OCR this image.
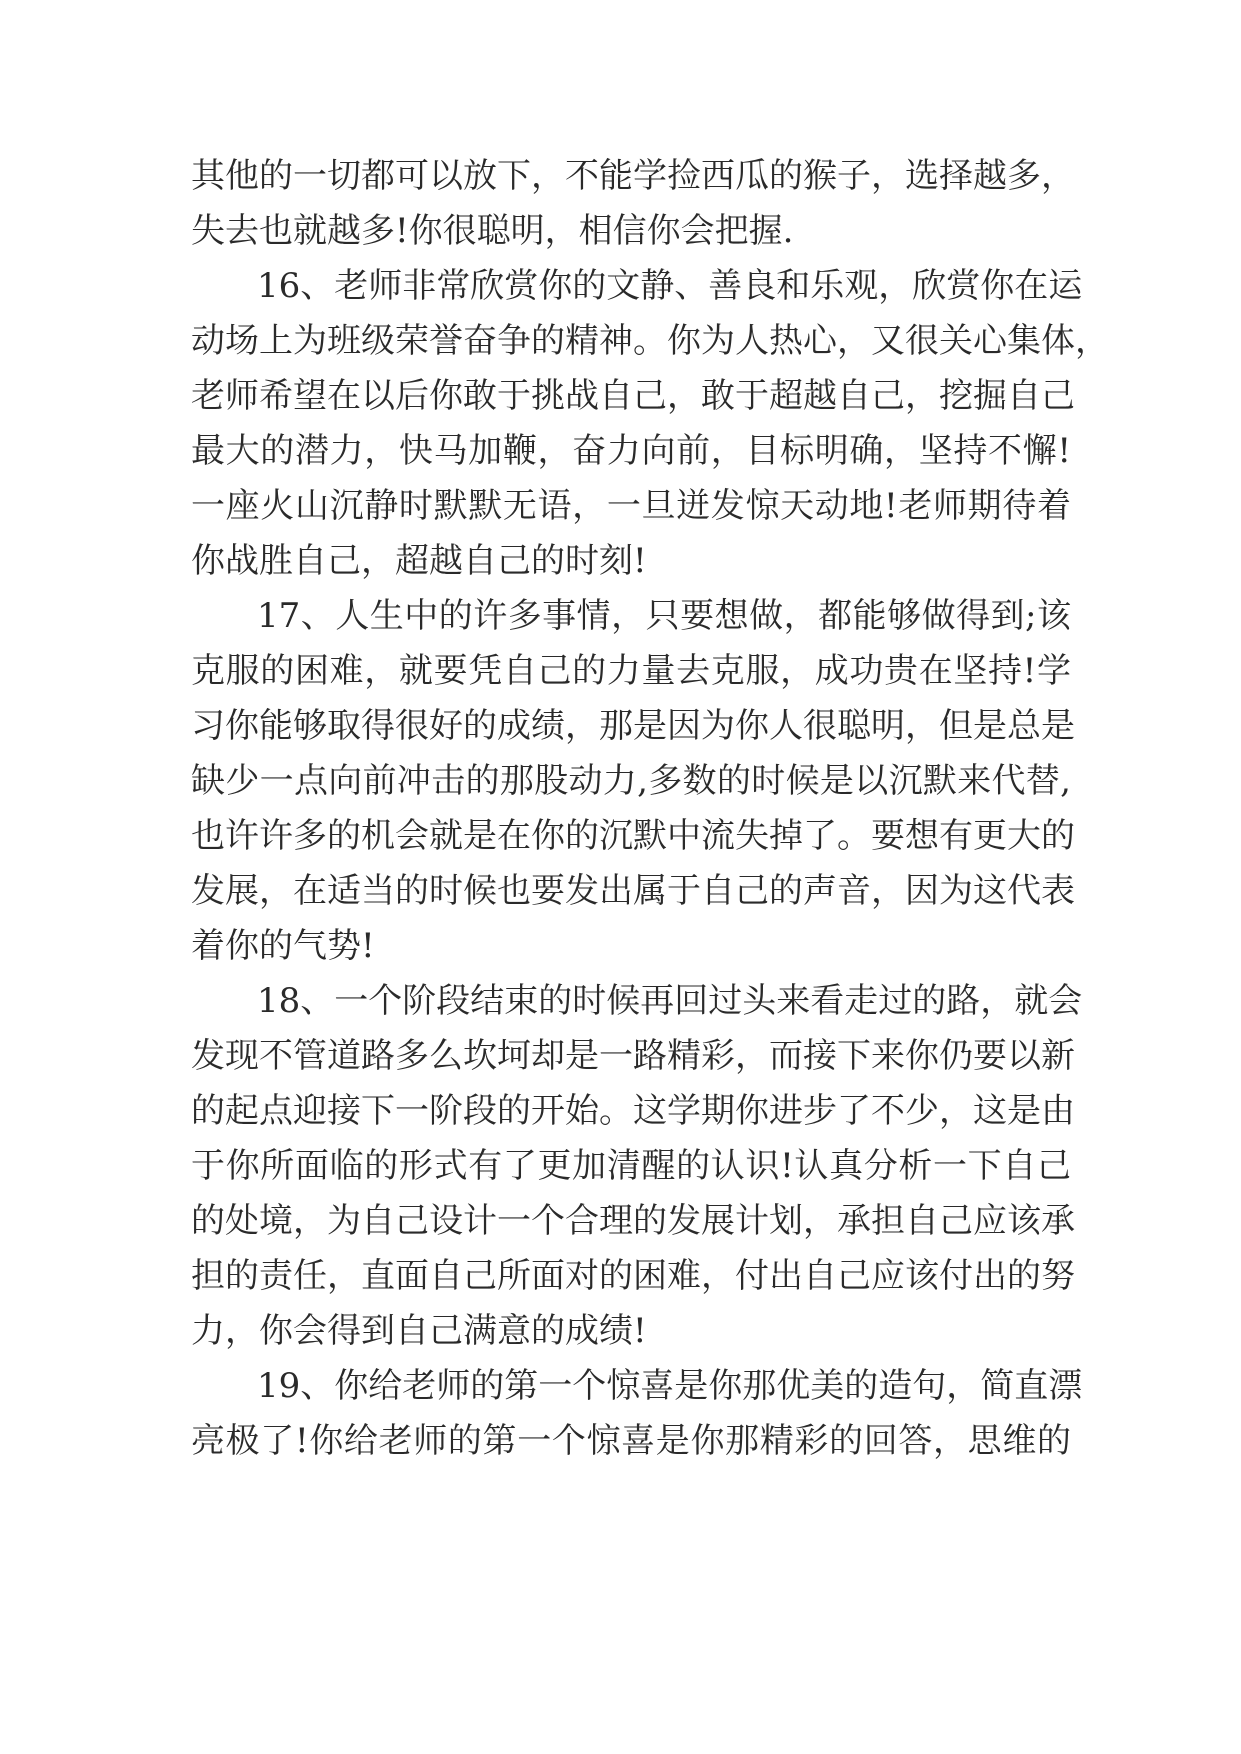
其他的一切都可以放下，不能学捡西瓜的猴子，选择越多，
失去也就越多!你很聪明，相信你会把握.
16、老师非常欣赏你的文静、善良和乐观，欣赏你在运
动场上为班级荣誉奋争的精神。你为人热心，又很关心集体，
老师希望在以后你敢于挑战自己，敢于超越自己，挖掘自己
最大的潜力，快马加鞭，奋力向前，目标明确，坚持不懈!
一座火山沉静时默默无语，一旦迸发惊天动地!老师期待着
你战胜自己，超越自己的时刻!
17、人生中的许多事情，只要想做，都能够做得到;该
克服的困难，就要凭自己的力量去克服，成功贵在坚持!学
习你能够取得很好的成绩，那是因为你人很聪明，但是总是
缺少一点向前冲击的那股动力,多数的时候是以沉默来代替,
也许许多的机会就是在你的沉默中流失掉了。要想有更大的
发展，在适当的时候也要发出属于自己的声音，因为这代表
着你的气势!
18、一个阶段结束的时候再回过头来看走过的路，就会
发现不管道路多么坎坷却是一路精彩，而接下来你仍要以新
的起点迎接下一阶段的开始。这学期你进步了不少，这是由
于你所面临的形式有了更加清醒的认识!认真分析一下自己
的处境，为自己设计一个合理的发展计划，承担自己应该承
担的责任，直面自己所面对的困难，付出自己应该付出的努
力，你会得到自己满意的成绩!
19、你给老师的第一个惊喜是你那优美的造句，简直漂
亮极了!你给老师的第一个惊喜是你那精彩的回答，思维的
